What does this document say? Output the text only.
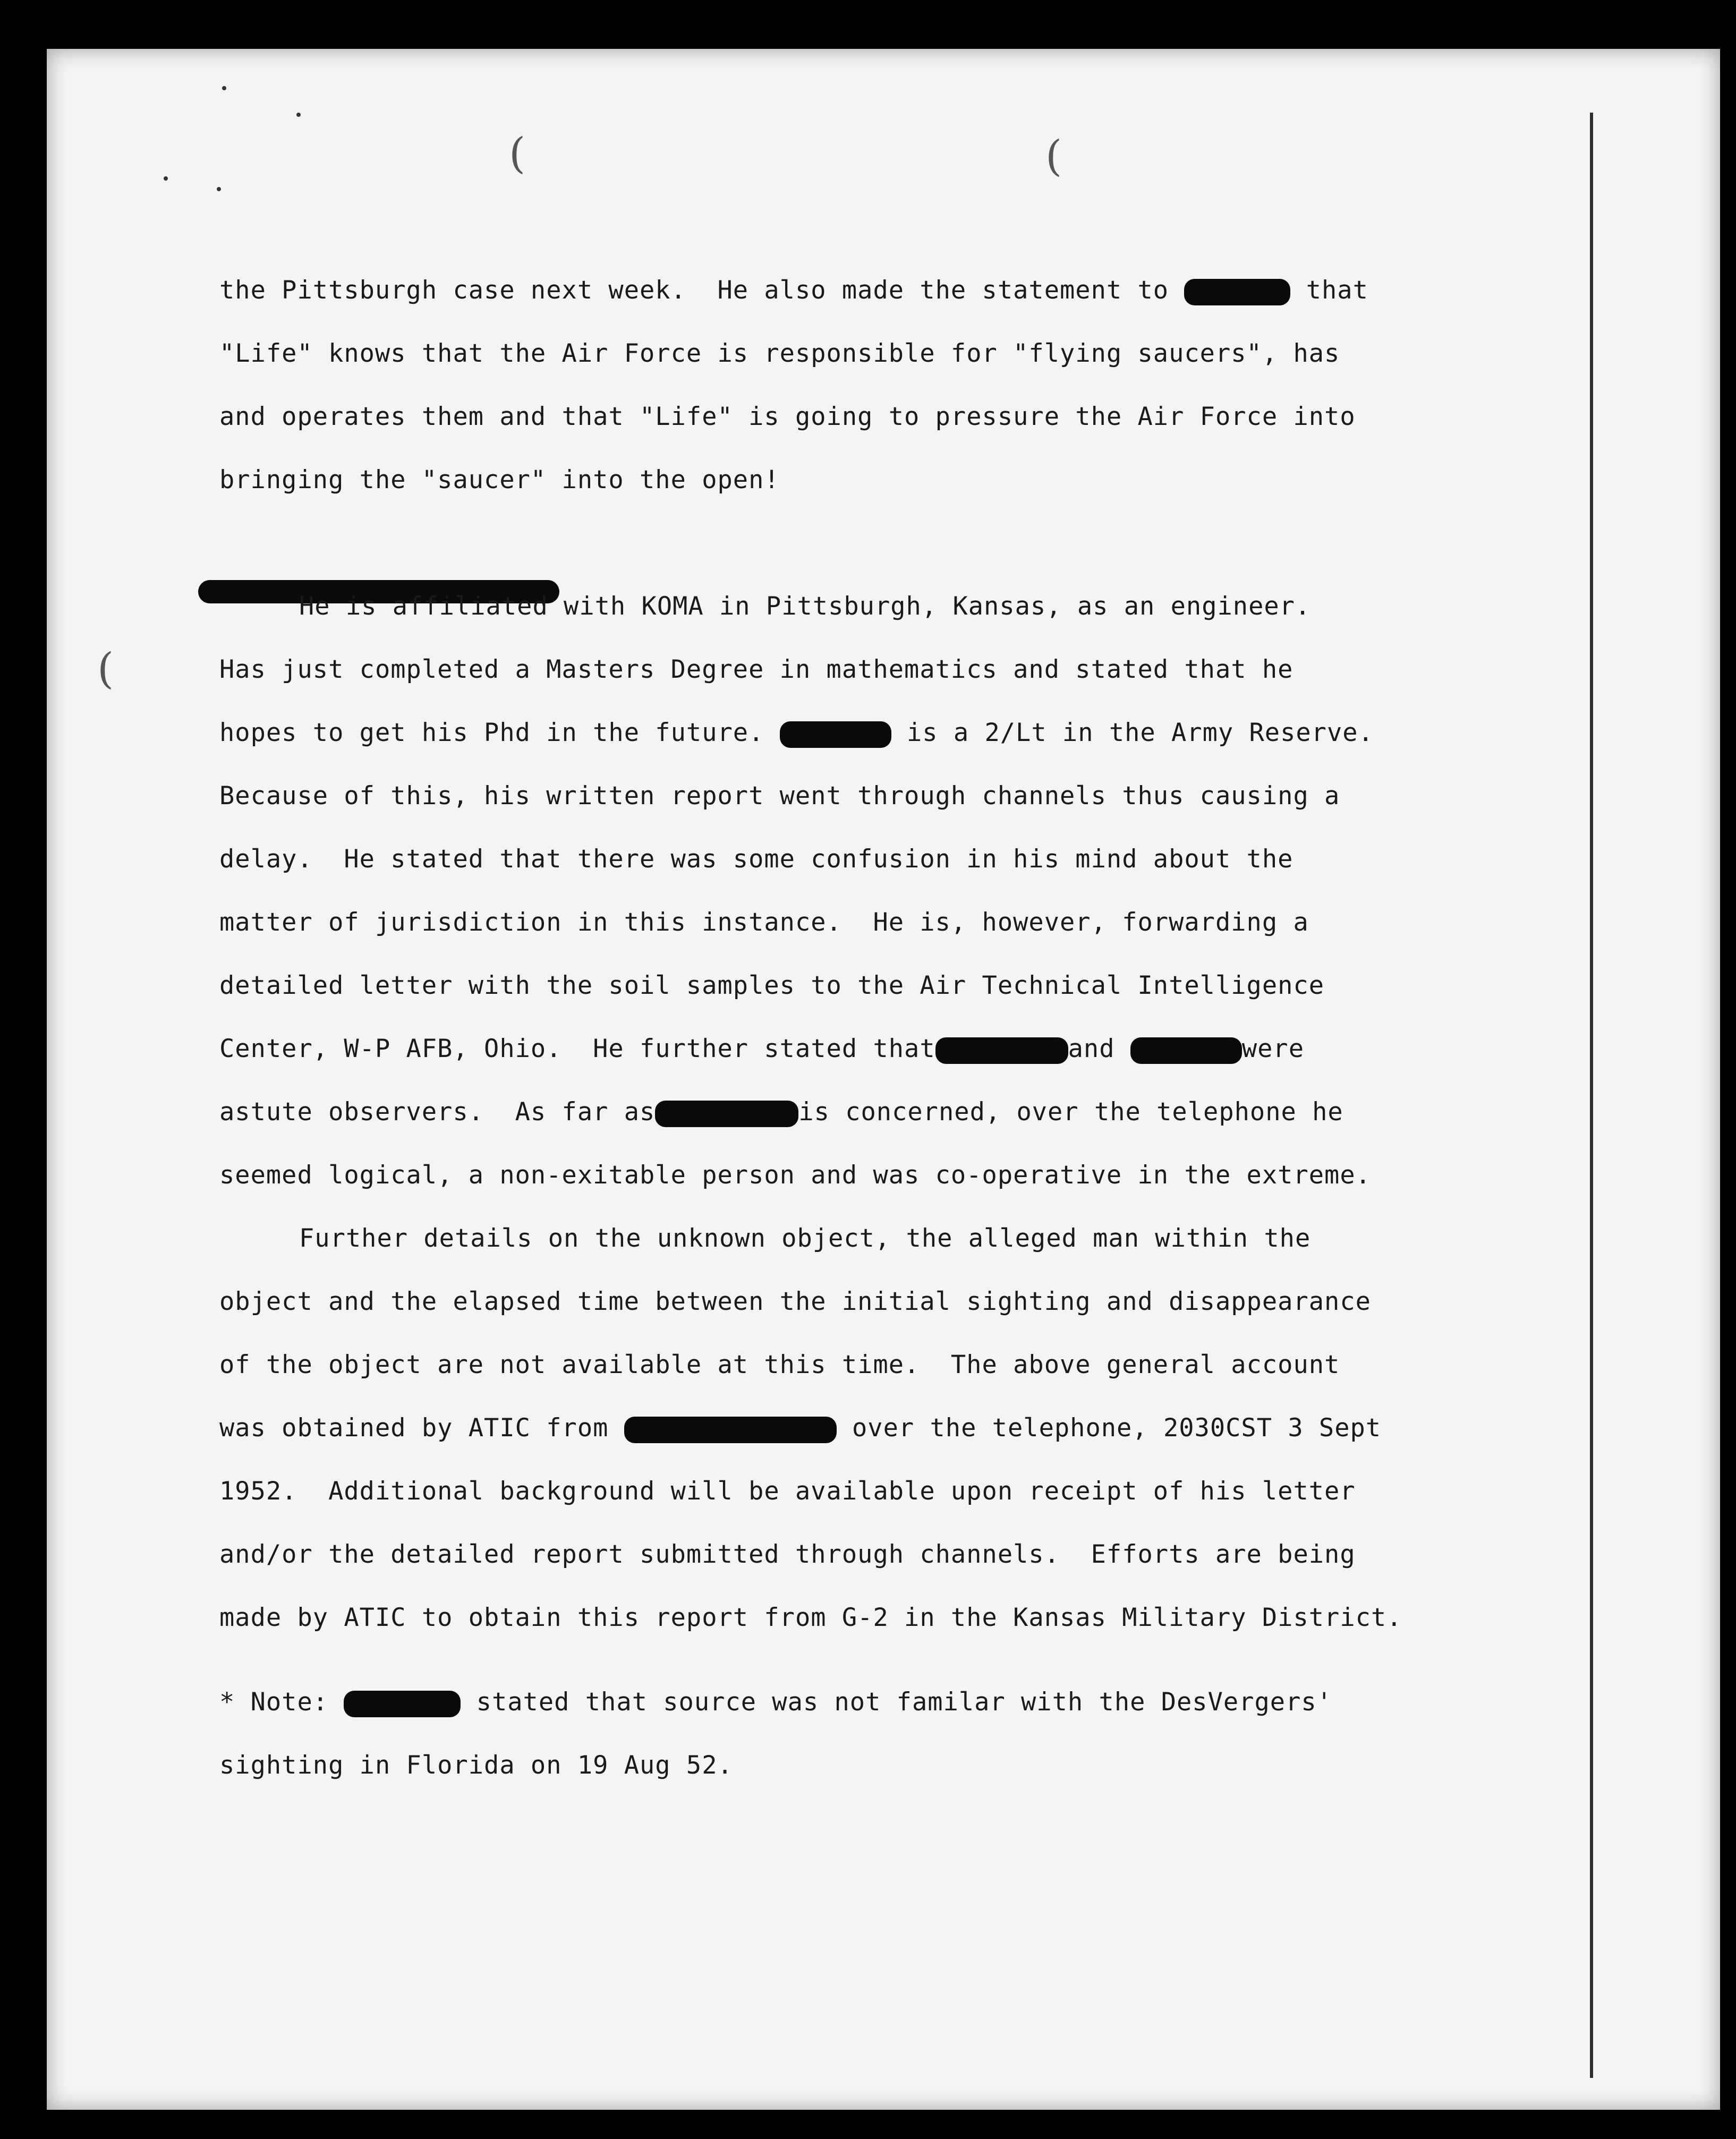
(	(
(
the Pittsburgh case next week.  He also made the statement to	that
"Life" knows that the Air Force is responsible for "flying saucers", has
and operates them and that "Life" is going to pressure the Air Force into
bringing the "saucer" into the open!
He is affiliated with KOMA in Pittsburgh, Kansas, as an engineer.
Has just completed a Masters Degree in mathematics and stated that he
hopes to get his Phd in the future.	is a 2/Lt in the Army Reserve.
Because of this, his written report went through channels thus causing a
delay.  He stated that there was some confusion in his mind about the
matter of jurisdiction in this instance.  He is, however, forwarding a
detailed letter with the soil samples to the Air Technical Intelligence
Center, W-P AFB, Ohio.  He further stated that	and	were
astute observers.  As far as	is concerned, over the telephone he
seemed logical, a non-exitable person and was co-operative in the extreme.
Further details on the unknown object, the alleged man within the
object and the elapsed time between the initial sighting and disappearance
of the object are not available at this time.  The above general account
was obtained by ATIC from	over the telephone, 2030CST 3 Sept
1952.  Additional background will be available upon receipt of his letter
and/or the detailed report submitted through channels.  Efforts are being
made by ATIC to obtain this report from G-2 in the Kansas Military District.
* Note:	stated that source was not familar with the DesVergers'
sighting in Florida on 19 Aug 52.
